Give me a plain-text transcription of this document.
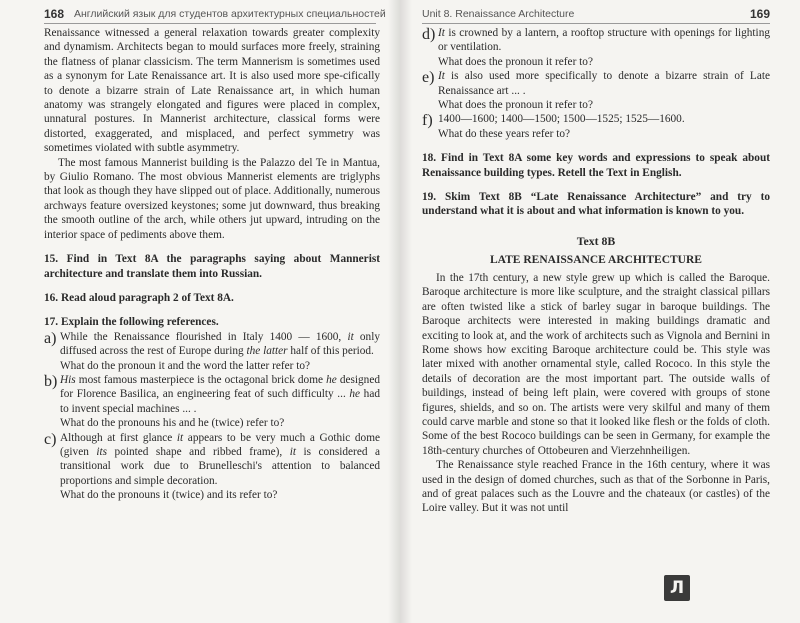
168 Английский язык для студентов архитектурных специальностей

Renaissance witnessed a general relaxation towards greater complexity and dynamism. Architects began to mould surfaces more freely, straining the flatness of planar classicism. The term Mannerism is sometimes used as a synonym for Late Renaissance art. It is also used more spe-cifically to denote a bizarre strain of Late Renaissance art, in which human anatomy was strangely elongated and figures were placed in complex, unnatural postures. In Mannerist architecture, classical forms were distorted, exaggerated, and misplaced, and perfect symmetry was sometimes violated with subtle asymmetry.

The most famous Mannerist building is the Palazzo del Te in Mantua, by Giulio Romano. The most obvious Mannerist elements are triglyphs that look as though they have slipped out of place. Additionally, numerous archways feature oversized keystones; some jut downward, thus breaking the smooth outline of the arch, while others jut upward, intruding on the interior space of pediments above them.

15. Find in Text 8A the paragraphs saying about Mannerist architecture and translate them into Russian.

16. Read aloud paragraph 2 of Text 8A.

17. Explain the following references.

a) While the Renaissance flourished in Italy 1400 — 1600, it only diffused across the rest of Europe during the latter half of this period.

What do the pronoun it and the word the latter refer to?

b) His most famous masterpiece is the octagonal brick dome he designed for Florence Basilica, an engineering feat of such difficulty ... he had to invent special machines ... .

What do the pronouns his and he (twice) refer to?

c) Although at first glance it appears to be very much a Gothic dome (given its pointed shape and ribbed frame), it is considered a transitional work due to Brunelleschi's attention to balanced proportions and simple decoration.

What do the pronouns it (twice) and its refer to?

Unit 8. Renaissance Architecture	169
d) It is crowned by a lantern, a rooftop structure with openings for lighting or ventilation.

What does the pronoun it refer to?

e) It is also used more specifically to denote a bizarre strain of Late Renaissance art ... .

What does the pronoun it refer to?

f) 1400—1600; 1400—1500; 1500—1525; 1525—1600.

What do these years refer to?

18. Find in Text 8A some key words and expressions to speak about Renaissance building types. Retell the Text in English.

19. Skim Text 8B “Late Renaissance Architecture” and try to understand what it is about and what information is known to you.

Text 8B
LATE RENAISSANCE ARCHITECTURE

In the 17th century, a new style grew up which is called the Baroque. Baroque architecture is more like sculpture, and the straight classical pillars are often twisted like a stick of barley sugar in baroque buildings. The Baroque architects were interested in making buildings dramatic and exciting to look at, and the work of architects such as Vignola and Bernini in Rome shows how exciting Baroque architecture could be. This style was later mixed with another ornamental style, called Rococo. In this style the details of decoration are the most important part. The outside walls of buildings, instead of being left plain, were covered with groups of stone figures, shields, and so on. The artists were very skilful and many of them could carve marble and stone so that it looked like flesh or the folds of cloth. Some of the best Rococo buildings can be seen in Germany, for example the 18th-century churches of Ottobeuren and Vierzehnheiligen.

The Renaissance style reached France in the 16th century, where it was used in the design of domed churches, such as that of the Sorbonne in Paris, and of great palaces such as the Louvre and the chateaux (or castles) of the Loire valley. But it was not until

Л
